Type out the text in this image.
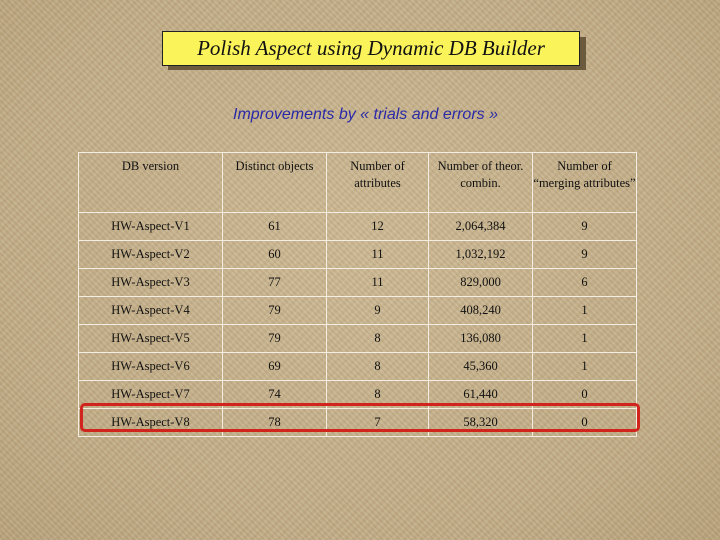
Polish Aspect using Dynamic DB Builder
Improvements by « trials and errors »
DB version	Distinct objects	Number of attributes	Number of theor. combin.	Number of “merging attributes”
HW-Aspect-V1	61	12	2,064,384	9
HW-Aspect-V2	60	11	1,032,192	9
HW-Aspect-V3	77	11	829,000	6
HW-Aspect-V4	79	9	408,240	1
HW-Aspect-V5	79	8	136,080	1
HW-Aspect-V6	69	8	45,360	1
HW-Aspect-V7	74	8	61,440	0
HW-Aspect-V8	78	7	58,320	0
